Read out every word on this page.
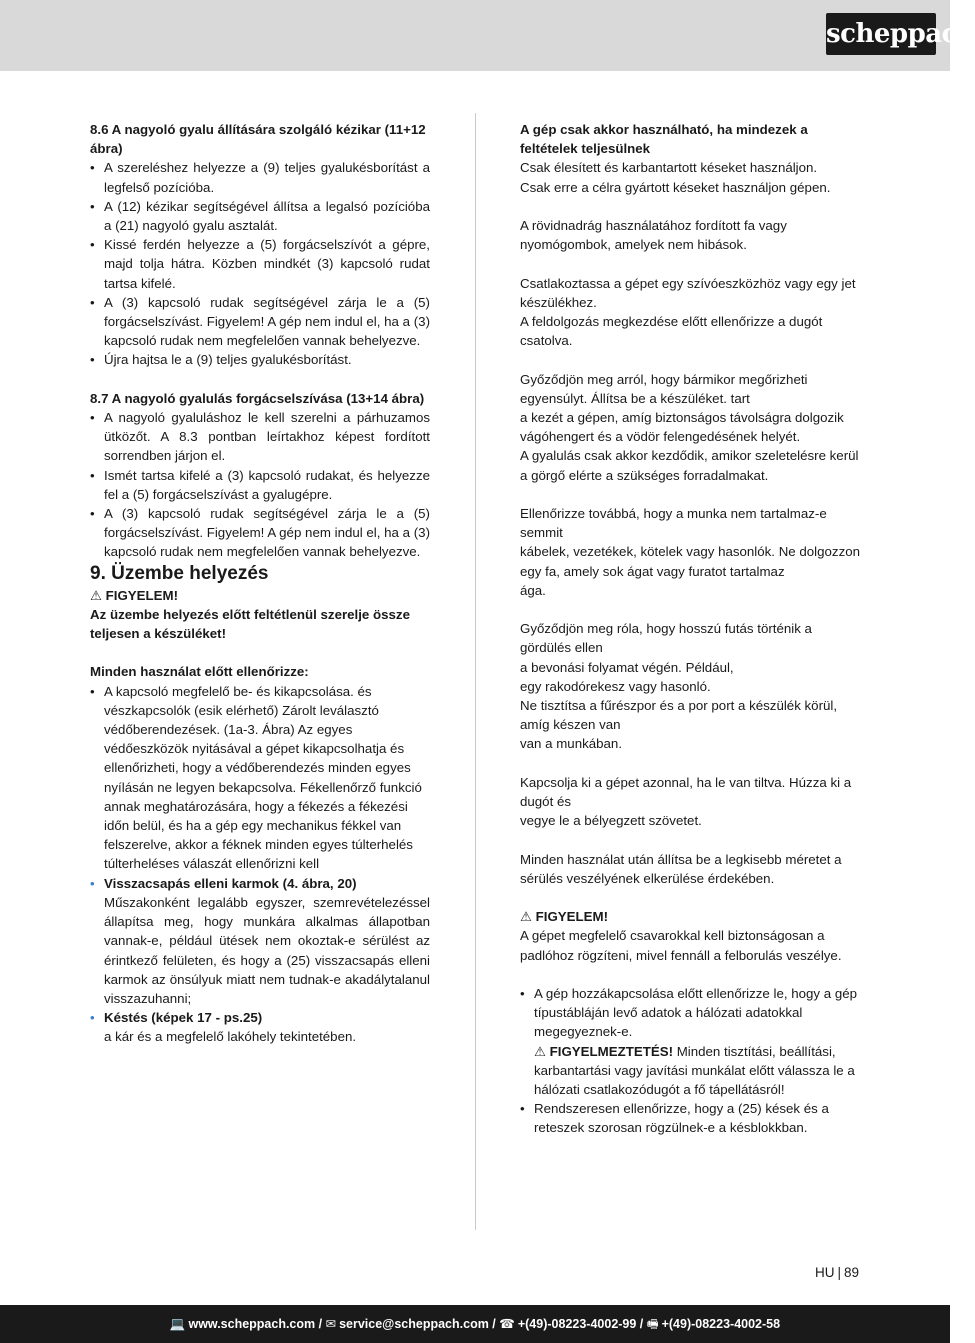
scheppach

8.6 A nagyoló gyalu állítására szolgáló kézikar (11+12 ábra)

• A szereléshez helyezze a (9) teljes gyalukésborítást a legfelső pozícióba.
• A (12) kézikar segítségével állítsa a legalsó pozícióba a (21) nagyoló gyalu asztalát.
• Kissé ferdén helyezze a (5) forgácselszívót a gépre, majd tolja hátra. Közben mindkét (3) kapcsoló rudat tartsa kifelé.
• A (3) kapcsoló rudak segítségével zárja le a (5) forgácselszívást. Figyelem! A gép nem indul el, ha a (3) kapcsoló rudak nem megfelelően vannak behelyezve.
• Újra hajtsa le a (9) teljes gyalukésborítást.

8.7 A nagyoló gyalulás forgácselszívása (13+14 ábra)

• A nagyoló gyaluláshoz le kell szerelni a párhuzamos ütközőt. A 8.3 pontban leírtakhoz képest fordított sorrendben járjon el.
• Ismét tartsa kifelé a (3) kapcsoló rudakat, és helyezze fel a (5) forgácselszívást a gyalugépre.
• A (3) kapcsoló rudak segítségével zárja le a (5) forgácselszívást. Figyelem! A gép nem indul el, ha a (3) kapcsoló rudak nem megfelelően vannak behelyezve.

9. Üzembe helyezés

⚠ FIGYELEM!

Az üzembe helyezés előtt feltétlenül szerelje össze teljesen a készüléket!

Minden használat előtt ellenőrizze:

• A kapcsoló megfelelő be- és kikapcsolása. és vészkapcsolók (esik elérhető) Zárolt leválasztó védőberendezések. (1a-3. Ábra) Az egyes védőeszközök nyitásával a gépet kikapcsolhatja és ellenőrizheti, hogy a védőberendezés minden egyes nyílásán ne legyen bekapcsolva. Fékellenőrző funkció annak meghatározására, hogy a fékezés a fékezési időn belül, és ha a gép egy mechanikus fékkel van felszerelve, akkor a féknek minden egyes túlterhelés túlterheléses válaszát ellenőrizni kell
• Visszacsapás elleni karmok (4. ábra, 20)
Műszakonként legalább egyszer, szemrevételezéssel állapítsa meg, hogy munkára alkalmas állapotban vannak-e, például ütések nem okoztak-e sérülést az érintkező felületen, és hogy a (25) visszacsapás elleni karmok az önsúlyuk miatt nem tudnak-e akadálytalanul visszazuhanni;
• Késtés (képek 17 - ps.25)
a kár és a megfelelő lakóhely tekintetében.

A gép csak akkor használható, ha mindezek a feltételek teljesülnek

Csak élesített és karbantartott késeket használjon.

Csak erre a célra gyártott késeket használjon gépen.

A rövidnadrág használatához fordított fa vagy nyomógombok, amelyek nem hibások.

Csatlakoztassa a gépet egy szívóeszközhöz vagy egy jet készülékhez.

A feldolgozás megkezdése előtt ellenőrizze a dugót csatolva.

Győződjön meg arról, hogy bármikor megőrizheti egyensúlyt. Állítsa be a készüléket. tart

a kezét a gépen, amíg biztonságos távolságra dolgozik vágóhengert és a vödör felengedésének helyét.

A gyalulás csak akkor kezdődik, amikor szeletelésre kerül

a görgő elérte a szükséges forradalmakat.

Ellenőrizze továbbá, hogy a munka nem tartalmaz-e semmit

kábelek, vezetékek, kötelek vagy hasonlók. Ne dolgozzon

egy fa, amely sok ágat vagy furatot tartalmaz

ága.

Győződjön meg róla, hogy hosszú futás történik a gördülés ellen

a bevonási folyamat végén. Például,

egy rakodórekesz vagy hasonló.

Ne tisztítsa a fűrészpor és a por port a készülék körül, amíg készen van

van a munkában.

Kapcsolja ki a gépet azonnal, ha le van tiltva. Húzza ki a dugót és

vegye le a bélyegzett szövetet.

Minden használat után állítsa be a legkisebb méretet a sérülés veszélyének elkerülése érdekében.

⚠ FIGYELEM!

A gépet megfelelő csavarokkal kell biztonságosan a padlóhoz rögzíteni, mivel fennáll a felborulás veszélye.

• A gép hozzákapcsolása előtt ellenőrizze le, hogy a gép típustábláján levő adatok a hálózati adatokkal megegyeznek-e.
⚠ FIGYELMEZTETÉS! Minden tisztítási, beállítási, karbantartási vagy javítási munkálat előtt válassza le a hálózati csatlakozódugót a fő tápellátásról!
• Rendszeresen ellenőrizze, hogy a (25) kések és a reteszek szorosan rögzülnek-e a késblokkban.
HU | 89
💻 www.scheppach.com / ✉ service@scheppach.com / ☎ +(49)-08223-4002-99 / 🖷 +(49)-08223-4002-58
